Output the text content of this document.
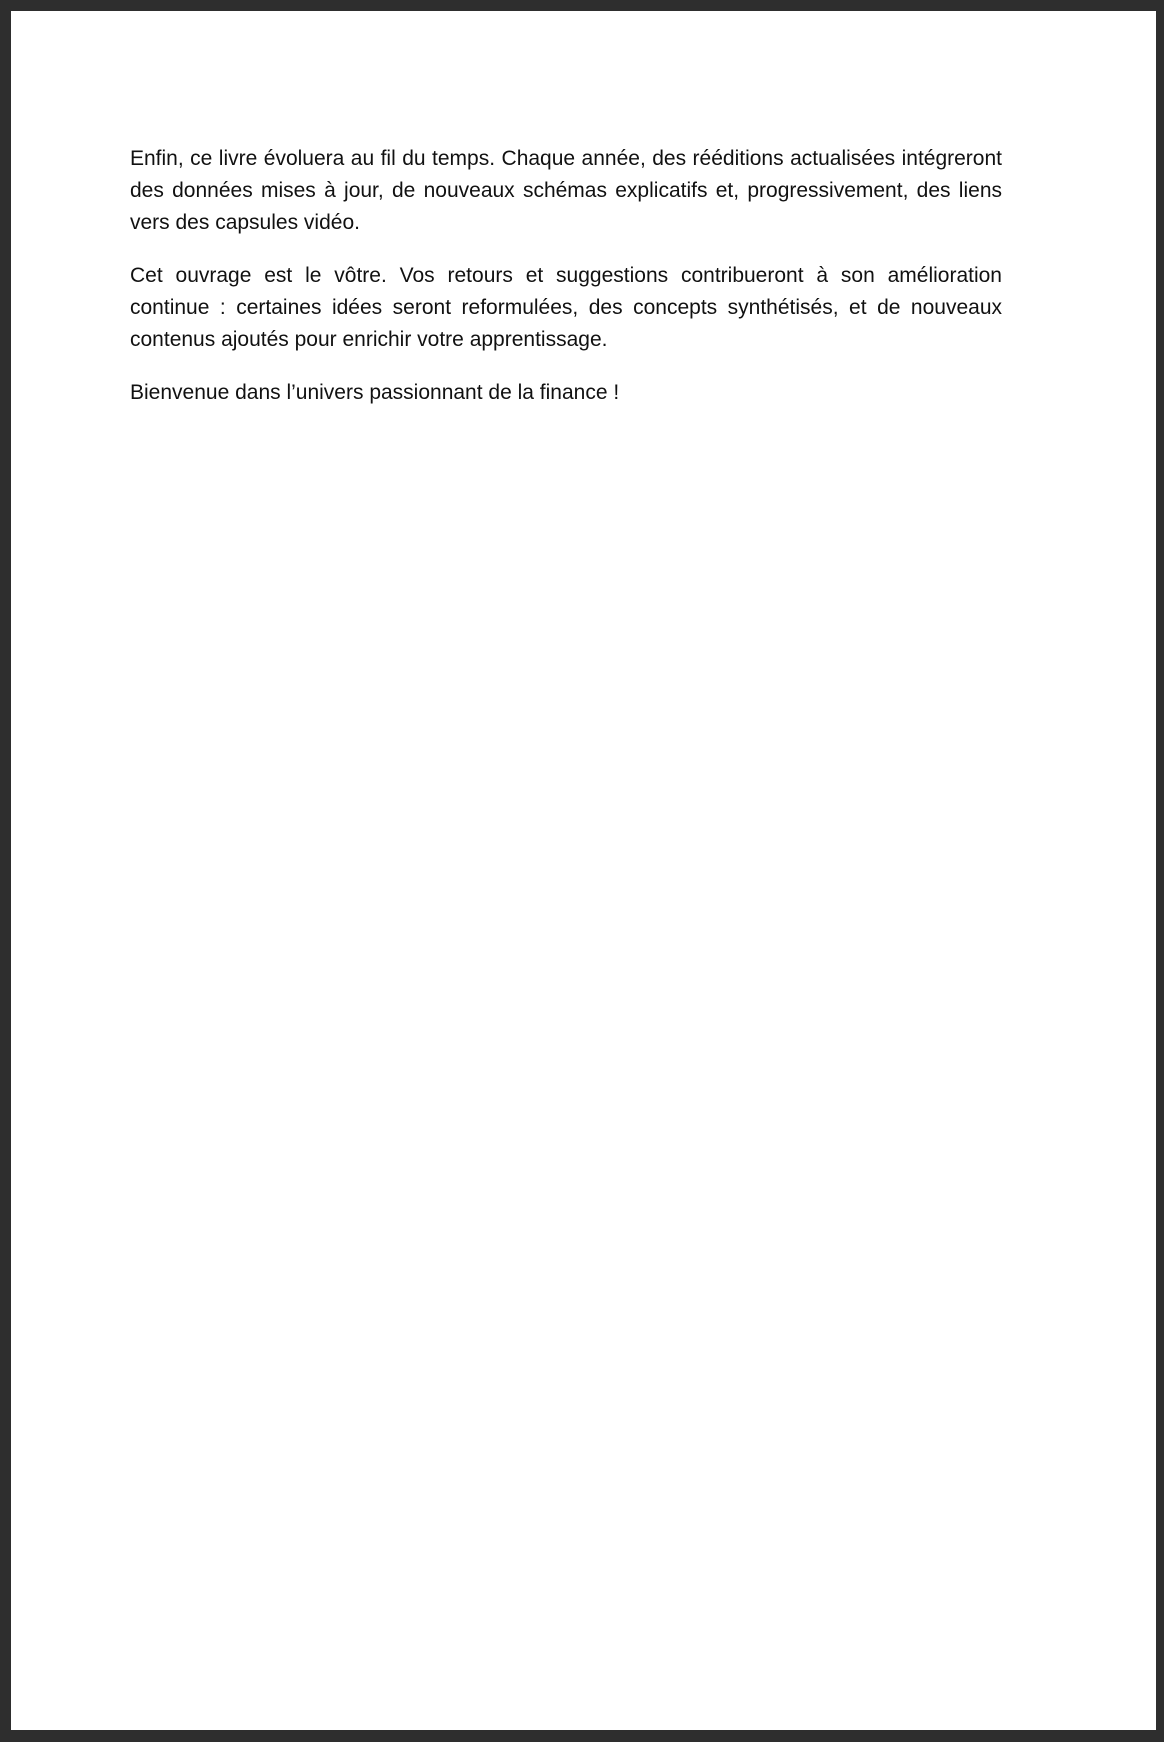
Enfin, ce livre évoluera au fil du temps. Chaque année, des rééditions actualisées intégreront des données mises à jour, de nouveaux schémas explicatifs et, progressivement, des liens vers des capsules vidéo.

Cet ouvrage est le vôtre. Vos retours et suggestions contribueront à son amélioration continue : certaines idées seront reformulées, des concepts synthétisés, et de nouveaux contenus ajoutés pour enrichir votre apprentissage.

Bienvenue dans l’univers passionnant de la finance !
